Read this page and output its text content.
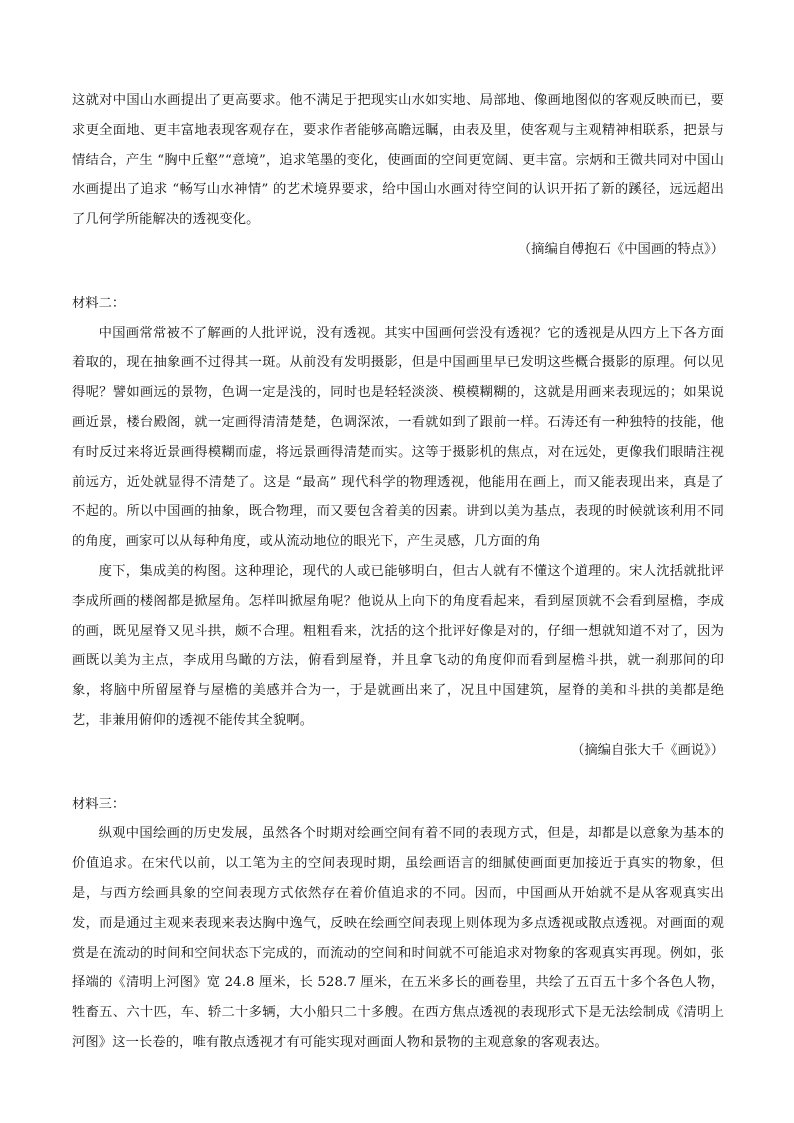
这就对中国山水画提出了更高要求。他不满足于把现实山水如实地、局部地、像画地图似的客观反映而已，要求更全面地、更丰富地表现客观存在，要求作者能够高瞻远瞩，由表及里，使客观与主观精神相联系，把景与情结合，产生 “胸中丘壑”“意境”，追求笔墨的变化，使画面的空间更宽阔、更丰富。宗炳和王微共同对中国山水画提出了追求 “畅写山水神情” 的艺术境界要求，给中国山水画对待空间的认识开拓了新的蹊径，远远超出了几何学所能解决的透视变化。

（摘编自傅抱石《中国画的特点》）

材料二：

中国画常常被不了解画的人批评说，没有透视。其实中国画何尝没有透视？它的透视是从四方上下各方面着取的，现在抽象画不过得其一斑。从前没有发明摄影，但是中国画里早已发明这些概合摄影的原理。何以见得呢？譬如画远的景物，色调一定是浅的，同时也是轻轻淡淡、模模糊糊的，这就是用画来表现远的；如果说画近景，楼台殿阁，就一定画得清清楚楚，色调深浓，一看就如到了跟前一样。石涛还有一种独特的技能，他有时反过来将近景画得模糊而虚，将远景画得清楚而实。这等于摄影机的焦点，对在远处，更像我们眼睛注视前远方，近处就显得不清楚了。这是 “最高” 现代科学的物理透视，他能用在画上，而又能表现出来，真是了不起的。所以中国画的抽象，既合物理，而又要包含着美的因素。讲到以美为基点，表现的时候就该利用不同的角度，画家可以从每种角度，或从流动地位的眼光下，产生灵感，几方面的角

度下，集成美的构图。这种理论，现代的人或已能够明白，但古人就有不懂这个道理的。宋人沈括就批评李成所画的楼阁都是掀屋角。怎样叫掀屋角呢？他说从上向下的角度看起来，看到屋顶就不会看到屋檐，李成的画，既见屋脊又见斗拱，颇不合理。粗粗看来，沈括的这个批评好像是对的，仔细一想就知道不对了，因为画既以美为主点，李成用鸟瞰的方法，俯看到屋脊，并且拿飞动的角度仰而看到屋檐斗拱，就一刹那间的印象，将脑中所留屋脊与屋檐的美感并合为一，于是就画出来了，况且中国建筑，屋脊的美和斗拱的美都是绝艺，非兼用俯仰的透视不能传其全貌啊。

（摘编自张大千《画说》）

材料三：

纵观中国绘画的历史发展，虽然各个时期对绘画空间有着不同的表现方式，但是，却都是以意象为基本的价值追求。在宋代以前，以工笔为主的空间表现时期，虽绘画语言的细腻使画面更加接近于真实的物象，但是，与西方绘画具象的空间表现方式依然存在着价值追求的不同。因而，中国画从开始就不是从客观真实出发，而是通过主观来表现来表达胸中逸气，反映在绘画空间表现上则体现为多点透视或散点透视。对画面的观赏是在流动的时间和空间状态下完成的，而流动的空间和时间就不可能追求对物象的客观真实再现。例如，张择端的《清明上河图》宽 24.8 厘米，长 528.7 厘米，在五米多长的画卷里，共绘了五百五十多个各色人物，牲畜五、六十匹，车、轿二十多辆，大小船只二十多艘。在西方焦点透视的表现形式下是无法绘制成《清明上河图》这一长卷的，唯有散点透视才有可能实现对画面人物和景物的主观意象的客观表达。
